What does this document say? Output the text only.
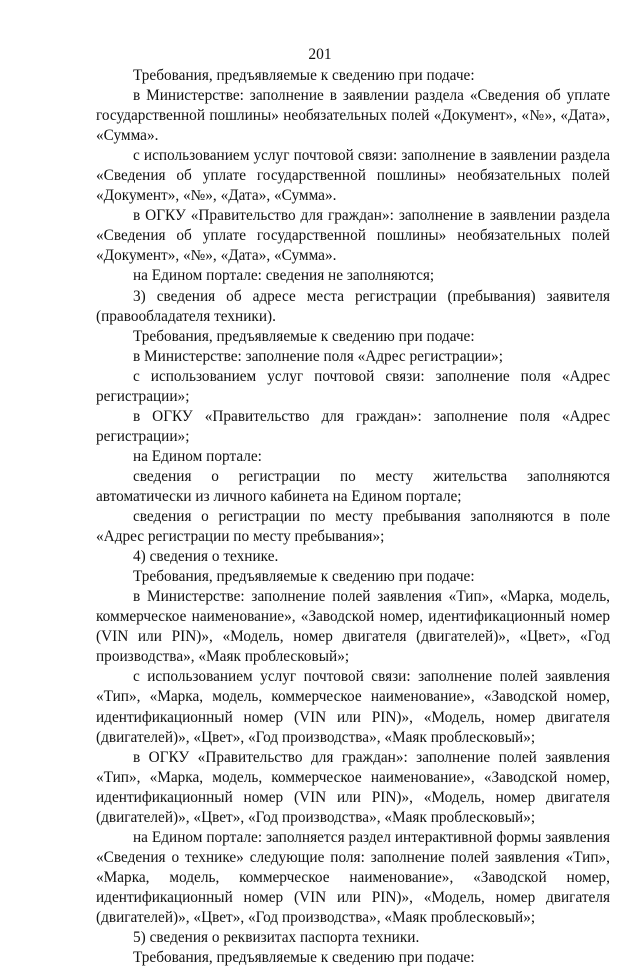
201

Требования, предъявляемые к сведению при подаче:

в Министерстве: заполнение в заявлении раздела «Сведения об уплате государственной пошлины» необязательных полей «Документ», «№», «Дата», «Сумма».

с использованием услуг почтовой связи: заполнение в заявлении раздела «Сведения об уплате государственной пошлины» необязательных полей «Документ», «№», «Дата», «Сумма».

в ОГКУ «Правительство для граждан»: заполнение в заявлении раздела «Сведения об уплате государственной пошлины» необязательных полей «Документ», «№», «Дата», «Сумма».

на Едином портале: сведения не заполняются;

3) сведения об адресе места регистрации (пребывания) заявителя (правообладателя техники).

Требования, предъявляемые к сведению при подаче:

в Министерстве: заполнение поля «Адрес регистрации»;

с использованием услуг почтовой связи: заполнение поля «Адрес регистрации»;

в ОГКУ «Правительство для граждан»: заполнение поля «Адрес регистрации»;

на Едином портале:

сведения о регистрации по месту жительства заполняются автоматически из личного кабинета на Едином портале;

сведения о регистрации по месту пребывания заполняются в поле «Адрес регистрации по месту пребывания»;

4) сведения о технике.

Требования, предъявляемые к сведению при подаче:

в Министерстве: заполнение полей заявления «Тип», «Марка, модель, коммерческое наименование», «Заводской номер, идентификационный номер (VIN или PIN)», «Модель, номер двигателя (двигателей)», «Цвет», «Год производства», «Маяк проблесковый»;

с использованием услуг почтовой связи: заполнение полей заявления «Тип», «Марка, модель, коммерческое наименование», «Заводской номер, идентификационный номер (VIN или PIN)», «Модель, номер двигателя (двигателей)», «Цвет», «Год производства», «Маяк проблесковый»;

в ОГКУ «Правительство для граждан»: заполнение полей заявления «Тип», «Марка, модель, коммерческое наименование», «Заводской номер, идентификационный номер (VIN или PIN)», «Модель, номер двигателя (двигателей)», «Цвет», «Год производства», «Маяк проблесковый»;

на Едином портале: заполняется раздел интерактивной формы заявления «Сведения о технике» следующие поля: заполнение полей заявления «Тип», «Марка, модель, коммерческое наименование», «Заводской номер, идентификационный номер (VIN или PIN)», «Модель, номер двигателя (двигателей)», «Цвет», «Год производства», «Маяк проблесковый»;

5) сведения о реквизитах паспорта техники.

Требования, предъявляемые к сведению при подаче:
